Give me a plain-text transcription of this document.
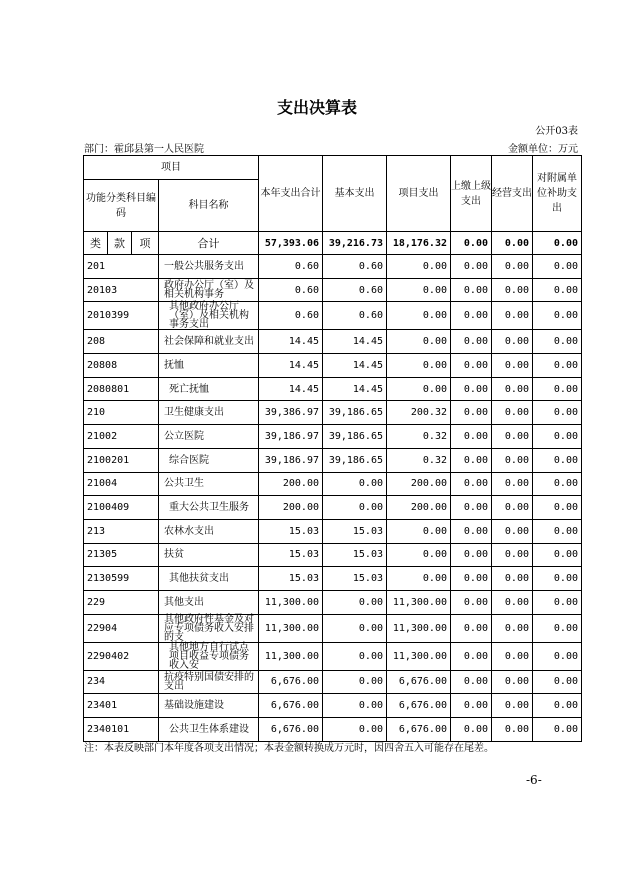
支出决算表
公开03表
部门：霍邱县第一人民医院	金额单位：万元
项目				本年支出合计	基本支出	项目支出	上缴上级支出	经营支出	对附属单位补助支出
功能分类科目编码			科目名称						
类	款	项	合计	57,393.06	39,216.73	18,176.32	0.00	0.00	0.00
201			一般公共服务支出	0.60	0.60	0.00	0.00	0.00	0.00
20103			政府办公厅（室）及相关机构事务	0.60	0.60	0.00	0.00	0.00	0.00
2010399			其他政府办公厅（室）及相关机构事务支出	0.60	0.60	0.00	0.00	0.00	0.00
208			社会保障和就业支出	14.45	14.45	0.00	0.00	0.00	0.00
20808			抚恤	14.45	14.45	0.00	0.00	0.00	0.00
2080801			死亡抚恤	14.45	14.45	0.00	0.00	0.00	0.00
210			卫生健康支出	39,386.97	39,186.65	200.32	0.00	0.00	0.00
21002			公立医院	39,186.97	39,186.65	0.32	0.00	0.00	0.00
2100201			综合医院	39,186.97	39,186.65	0.32	0.00	0.00	0.00
21004			公共卫生	200.00	0.00	200.00	0.00	0.00	0.00
2100409			重大公共卫生服务	200.00	0.00	200.00	0.00	0.00	0.00
213			农林水支出	15.03	15.03	0.00	0.00	0.00	0.00
21305			扶贫	15.03	15.03	0.00	0.00	0.00	0.00
2130599			其他扶贫支出	15.03	15.03	0.00	0.00	0.00	0.00
229			其他支出	11,300.00	0.00	11,300.00	0.00	0.00	0.00
22904			其他政府性基金及对应专项债务收入安排的支	11,300.00	0.00	11,300.00	0.00	0.00	0.00
2290402			其他地方自行试点项目收益专项债务收入安	11,300.00	0.00	11,300.00	0.00	0.00	0.00
234			抗疫特别国债安排的支出	6,676.00	0.00	6,676.00	0.00	0.00	0.00
23401			基础设施建设	6,676.00	0.00	6,676.00	0.00	0.00	0.00
2340101			公共卫生体系建设	6,676.00	0.00	6,676.00	0.00	0.00	0.00
注：本表反映部门本年度各项支出情况；本表金额转换成万元时，因四舍五入可能存在尾差。
-6-
